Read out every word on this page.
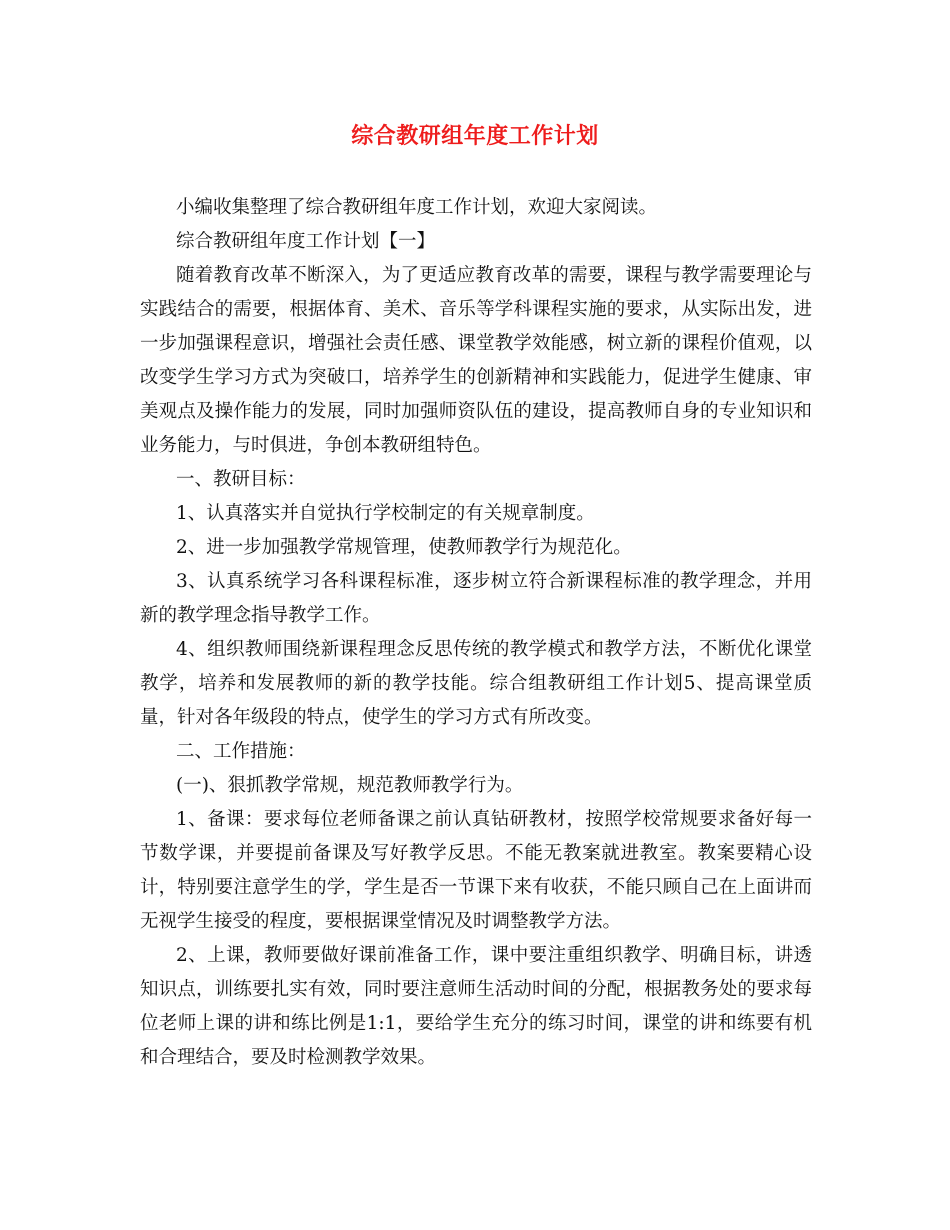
综合教研组年度工作计划

小编收集整理了综合教研组年度工作计划，欢迎大家阅读。

综合教研组年度工作计划【一】

随着教育改革不断深入，为了更适应教育改革的需要，课程与教学需要理论与实践结合的需要，根据体育、美术、音乐等学科课程实施的要求，从实际出发，进一步加强课程意识，增强社会责任感、课堂教学效能感，树立新的课程价值观，以改变学生学习方式为突破口，培养学生的创新精神和实践能力，促进学生健康、审美观点及操作能力的发展，同时加强师资队伍的建设，提高教师自身的专业知识和业务能力，与时俱进，争创本教研组特色。

一、教研目标：

1、认真落实并自觉执行学校制定的有关规章制度。

2、进一步加强教学常规管理，使教师教学行为规范化。

3、认真系统学习各科课程标准，逐步树立符合新课程标准的教学理念，并用新的教学理念指导教学工作。

4、组织教师围绕新课程理念反思传统的教学模式和教学方法，不断优化课堂教学，培养和发展教师的新的教学技能。综合组教研组工作计划5、提高课堂质量，针对各年级段的特点，使学生的学习方式有所改变。

二、工作措施：

(一)、狠抓教学常规，规范教师教学行为。

1、备课：要求每位老师备课之前认真钻研教材，按照学校常规要求备好每一节数学课，并要提前备课及写好教学反思。不能无教案就进教室。教案要精心设计，特别要注意学生的学，学生是否一节课下来有收获，不能只顾自己在上面讲而无视学生接受的程度，要根据课堂情况及时调整教学方法。

2、上课，教师要做好课前准备工作，课中要注重组织教学、明确目标，讲透知识点，训练要扎实有效，同时要注意师生活动时间的分配，根据教务处的要求每位老师上课的讲和练比例是1:1，要给学生充分的练习时间，课堂的讲和练要有机和合理结合，要及时检测教学效果。
